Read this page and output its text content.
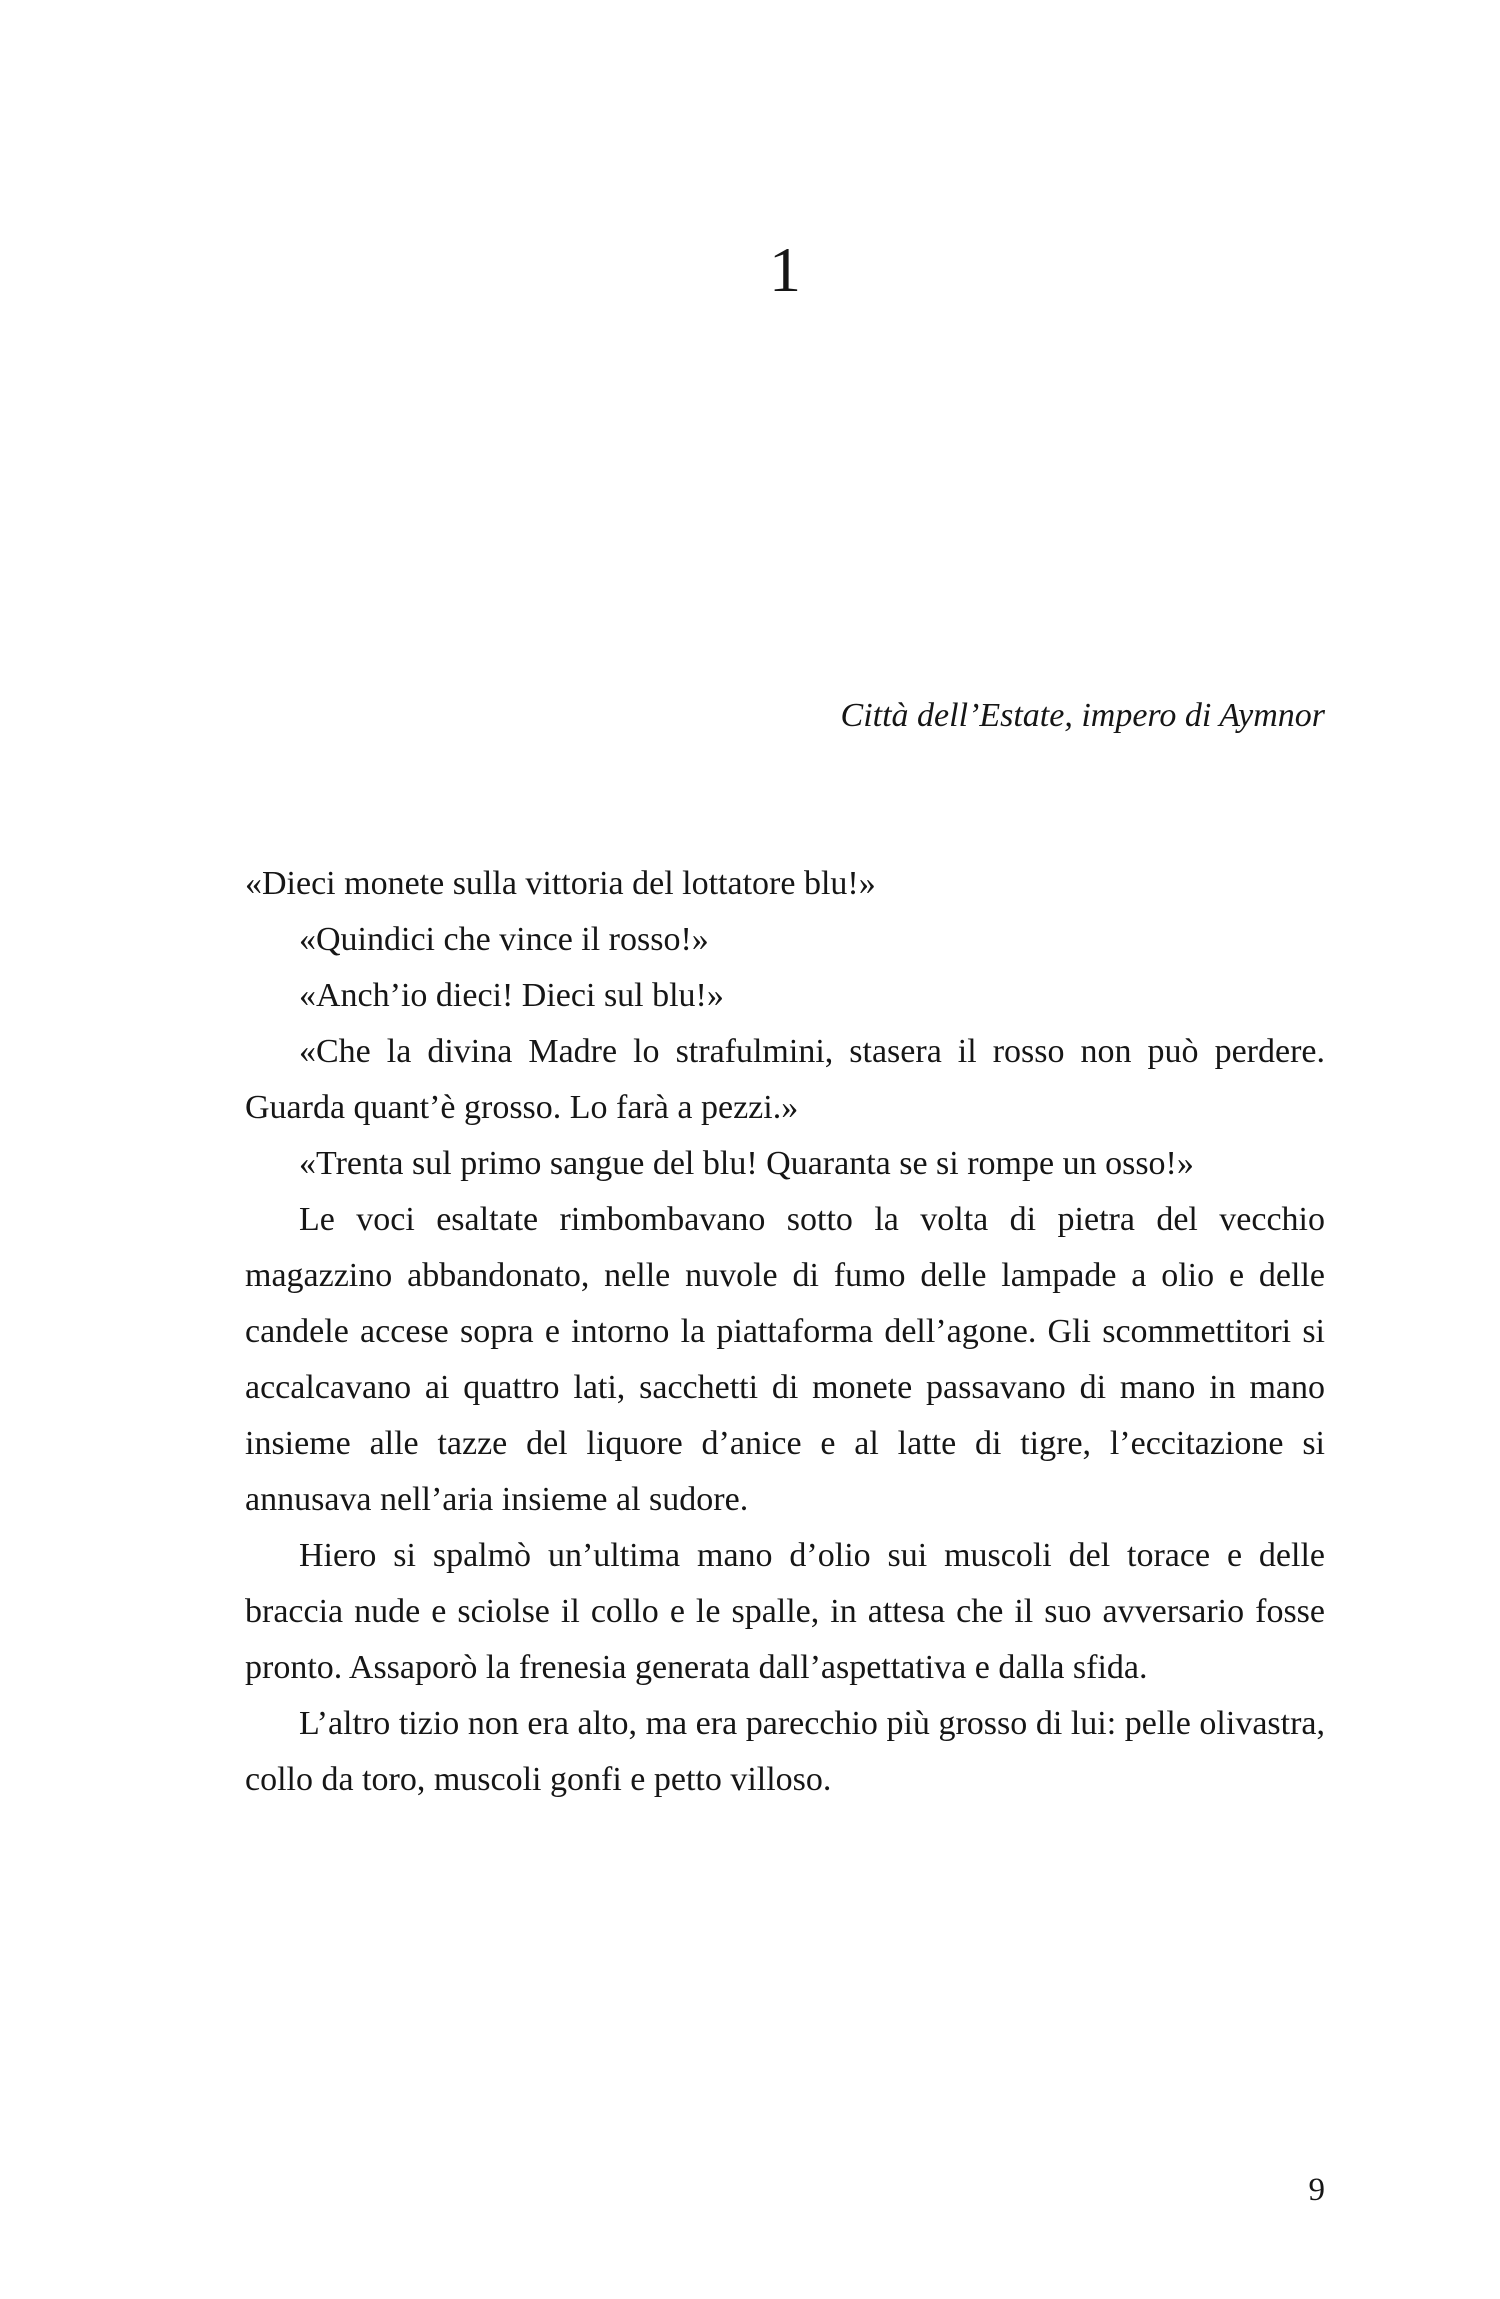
1
Città dell’Estate, impero di Aymnor

«Dieci monete sulla vittoria del lottatore blu!»

«Quindici che vince il rosso!»

«Anch’io dieci! Dieci sul blu!»

«Che la divina Madre lo strafulmini, stasera il rosso non può perdere. Guarda quant’è grosso. Lo farà a pezzi.»

«Trenta sul primo sangue del blu! Quaranta se si rompe un osso!»

Le voci esaltate rimbombavano sotto la volta di pietra del vecchio magazzino abbandonato, nelle nuvole di fumo delle lampade a olio e delle candele accese sopra e intorno la piattaforma dell’agone. Gli scommettitori si accalcavano ai quattro lati, sacchetti di monete passavano di mano in mano insieme alle tazze del liquore d’anice e al latte di tigre, l’eccitazione si annusava nell’aria insieme al sudore.

Hiero si spalmò un’ultima mano d’olio sui muscoli del torace e delle braccia nude e sciolse il collo e le spalle, in attesa che il suo avversario fosse pronto. Assaporò la frenesia generata dall’aspettativa e dalla sfida.

L’altro tizio non era alto, ma era parecchio più grosso di lui: pelle olivastra, collo da toro, muscoli gonfi e petto villoso.

9
